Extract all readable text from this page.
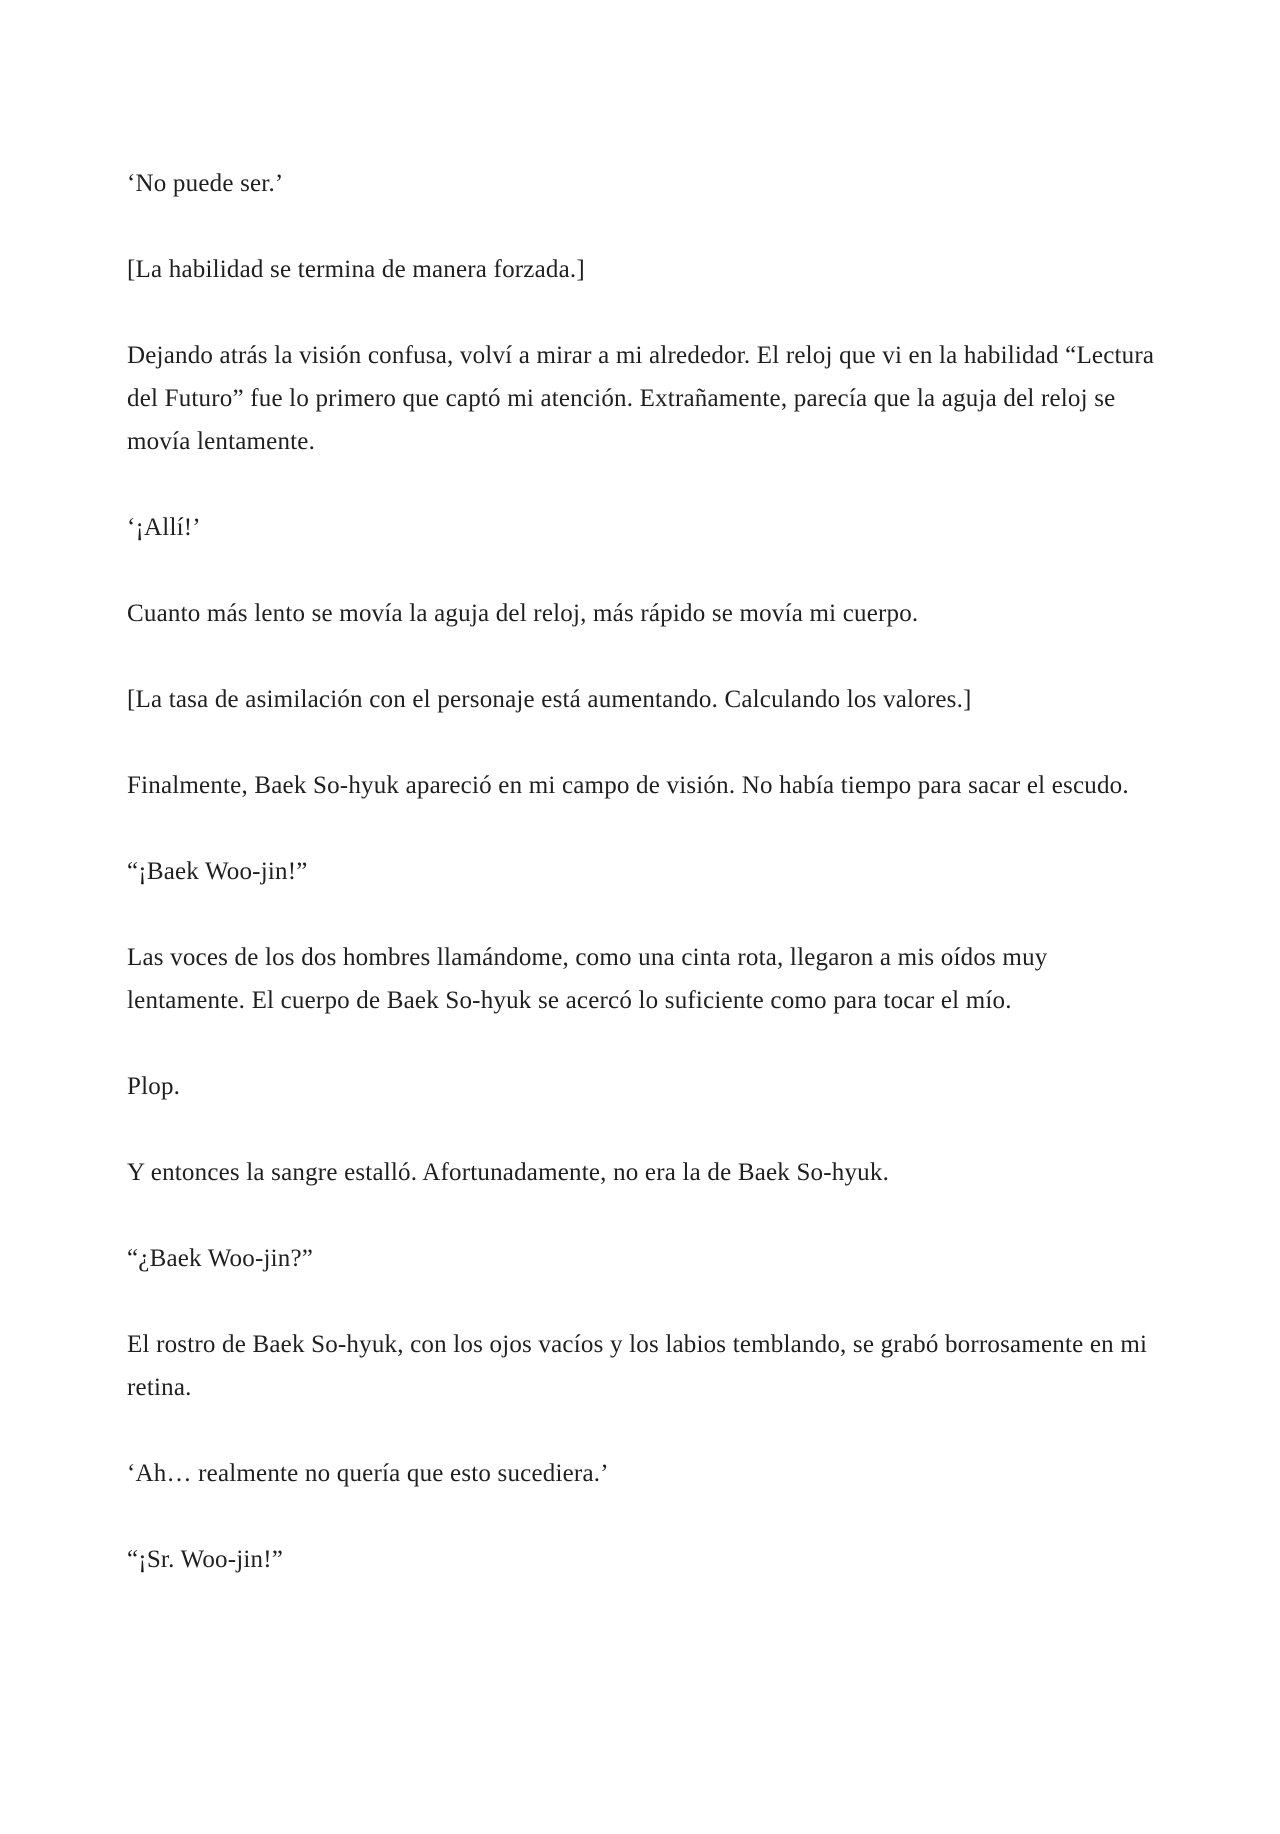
‘No puede ser.’

[La habilidad se termina de manera forzada.]

Dejando atrás la visión confusa, volví a mirar a mi alrededor. El reloj que vi en la habilidad “Lectura del Futuro” fue lo primero que captó mi atención. Extrañamente, parecía que la aguja del reloj se movía lentamente.

‘¡Allí!’

Cuanto más lento se movía la aguja del reloj, más rápido se movía mi cuerpo.

[La tasa de asimilación con el personaje está aumentando. Calculando los valores.]

Finalmente, Baek So-hyuk apareció en mi campo de visión. No había tiempo para sacar el escudo.

“¡Baek Woo-jin!”

Las voces de los dos hombres llamándome, como una cinta rota, llegaron a mis oídos muy lentamente. El cuerpo de Baek So-hyuk se acercó lo suficiente como para tocar el mío.

Plop.

Y entonces la sangre estalló. Afortunadamente, no era la de Baek So-hyuk.

“¿Baek Woo-jin?”

El rostro de Baek So-hyuk, con los ojos vacíos y los labios temblando, se grabó borrosamente en mi retina.

‘Ah… realmente no quería que esto sucediera.’

“¡Sr. Woo-jin!”
